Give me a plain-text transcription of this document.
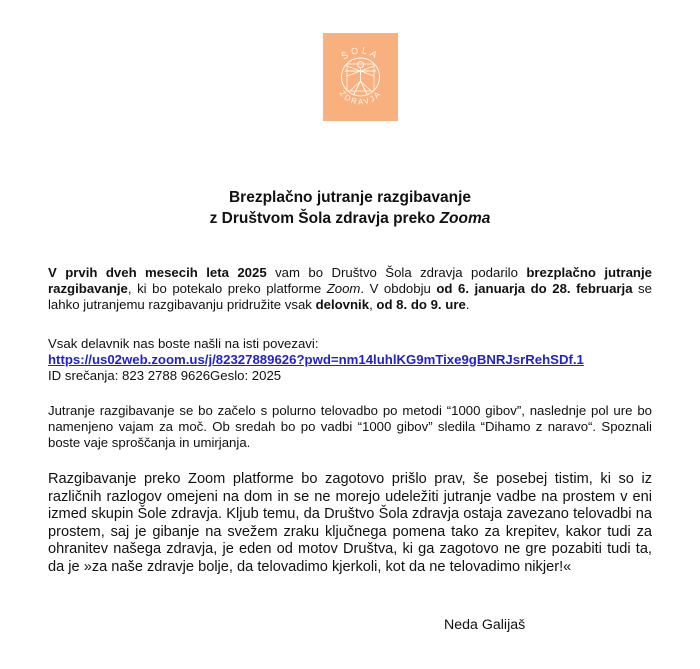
ŠOLA
ZDRAVJA
Brezplačno jutranje razgibavanje
z Društvom Šola zdravja preko Zooma
V prvih dveh mesecih leta 2025 vam bo Društvo Šola zdravja podarilo brezplačno jutranje razgibavanje, ki bo potekalo preko platforme Zoom. V obdobju od 6. januarja do 28. februarja se lahko jutranjemu razgibavanju pridružite vsak delovnik, od 8. do 9. ure.
Vsak delavnik nas boste našli na isti povezavi:
https://us02web.zoom.us/j/82327889626?pwd=nm14luhlKG9mTixe9gBNRJsrRehSDf.1
ID srečanja: 823 2788 9626Geslo: 2025
Jutranje razgibavanje se bo začelo s polurno telovadbo po metodi “1000 gibov”, naslednje pol ure bo namenjeno vajam za moč. Ob sredah bo po vadbi “1000 gibov” sledila “Dihamo z naravo“. Spoznali boste vaje sproščanja in umirjanja.
Razgibavanje preko Zoom platforme bo zagotovo prišlo prav, še posebej tistim, ki so iz različnih razlogov omejeni na dom in se ne morejo udeležiti jutranje vadbe na prostem v eni izmed skupin Šole zdravja. Kljub temu, da Društvo Šola zdravja ostaja zavezano telovadbi na prostem, saj je gibanje na svežem zraku ključnega pomena tako za krepitev, kakor tudi za ohranitev našega zdravja, je eden od motov Društva, ki ga zagotovo ne gre pozabiti tudi ta, da je »za naše zdravje bolje, da telovadimo kjerkoli, kot da ne telovadimo nikjer!«
Neda Galijaš
